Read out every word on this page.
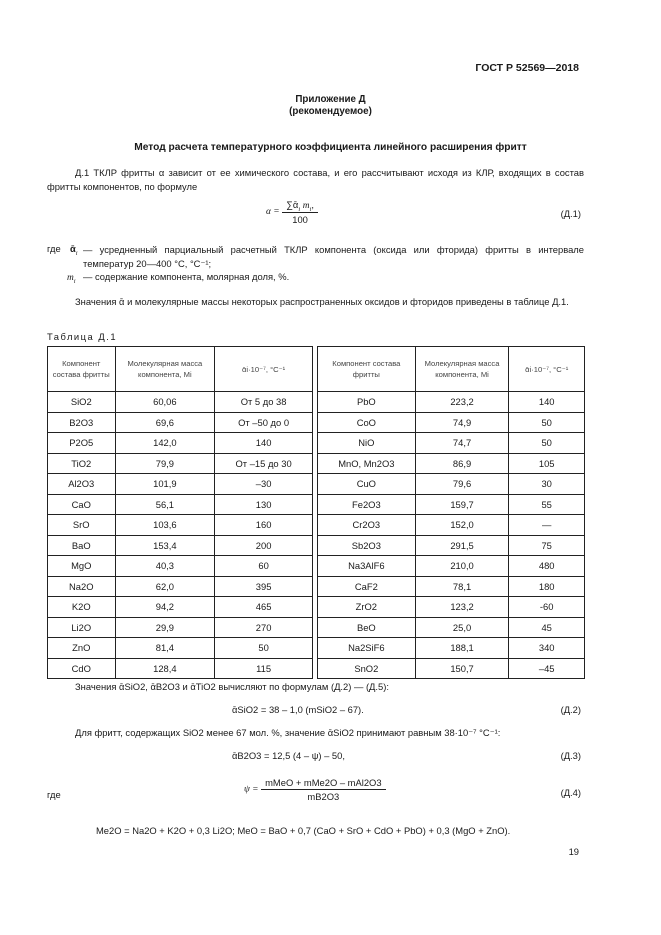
ГОСТ Р 52569—2018
Приложение Д
(рекомендуемое)
Метод расчета температурного коэффициента линейного расширения фритт
Д.1 ТКЛР фритты α зависит от ее химического состава, и его рассчитывают исходя из КЛР, входящих в состав фритты компонентов, по формуле
$\alpha = \frac{\sum ᾱ_i m_i,}{100}$	(Д.1)
где ᾱ$_i$ — усредненный парциальный расчетный ТКЛР компонента (оксида или фторида) фритты в интервале температур 20—400 °С, °С⁻¹;
$m_i$ — содержание компонента, молярная доля, %.
Значения ᾱ и молекулярные массы некоторых распространенных оксидов и фторидов приведены в таблице Д.1.
Таблица Д.1
Компонент состава фритты	Молекулярная масса компонента, Mi	ᾱi·10⁻⁷, °C⁻¹		Компонент состава фритты	Молекулярная масса компонента, Mi	ᾱi·10⁻⁷, °C⁻¹
SiO2	60,06	От 5 до 38		PbO	223,2	140
B2O3	69,6	От –50 до 0		CoO	74,9	50
P2O5	142,0	140		NiO	74,7	50
TiO2	79,9	От –15 до 30		MnO, Mn2O3	86,9	105
Al2O3	101,9	–30		CuO	79,6	30
CaO	56,1	130		Fe2O3	159,7	55
SrO	103,6	160		Cr2O3	152,0	—
BaO	153,4	200		Sb2O3	291,5	75
MgO	40,3	60		Na3AlF6	210,0	480
Na2O	62,0	395		CaF2	78,1	180
K2O	94,2	465		ZrO2	123,2	-60
Li2O	29,9	270		BeO	25,0	45
ZnO	81,4	50		Na2SiF6	188,1	340
CdO	128,4	115		SnO2	150,7	–45
Значения ᾱSiO2, ᾱB2O3 и ᾱTiO2 вычисляют по формулам (Д.2) — (Д.5):
ᾱSiO2 = 38 – 1,0 (mSiO2 – 67).	(Д.2)
Для фритт, содержащих SiO2 менее 67 мол. %, значение ᾱSiO2 принимают равным 38·10⁻⁷ °C⁻¹:
ᾱB2O3 = 12,5 (4 – ψ) – 50,	(Д.3)
где	$\psi = \frac{\text{mMeO + mMe2O – mAl2O3}}{mB2O3}$	(Д.4)
Me2O = Na2O + K2O + 0,3 Li2O; MeO = BaO + 0,7 (CaO + SrO + CdO + PbO) + 0,3 (MgO + ZnO).
19
